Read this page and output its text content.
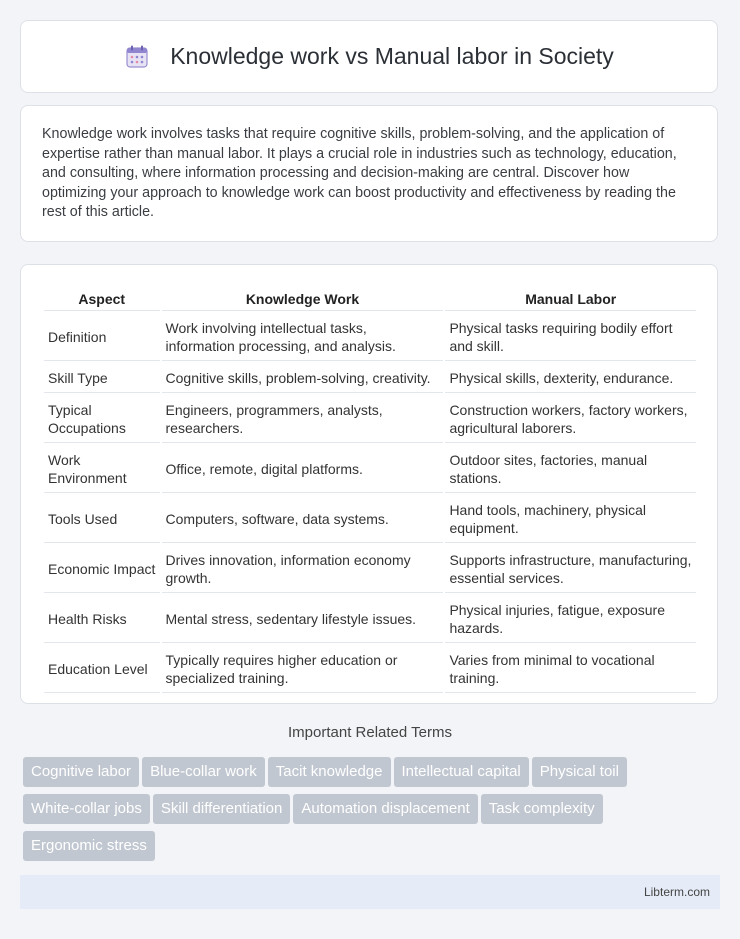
Knowledge work vs Manual labor in Society

Knowledge work involves tasks that require cognitive skills, problem-solving, and the application of expertise rather than manual labor. It plays a crucial role in industries such as technology, education, and consulting, where information processing and decision-making are central. Discover how optimizing your approach to knowledge work can boost productivity and effectiveness by reading the rest of this article.

Aspect	Knowledge Work	Manual Labor
Definition	Work involving intellectual tasks, information processing, and analysis.	Physical tasks requiring bodily effort and skill.
Skill Type	Cognitive skills, problem-solving, creativity.	Physical skills, dexterity, endurance.
Typical Occupations	Engineers, programmers, analysts, researchers.	Construction workers, factory workers, agricultural laborers.
Work Environment	Office, remote, digital platforms.	Outdoor sites, factories, manual stations.
Tools Used	Computers, software, data systems.	Hand tools, machinery, physical equipment.
Economic Impact	Drives innovation, information economy growth.	Supports infrastructure, manufacturing, essential services.
Health Risks	Mental stress, sedentary lifestyle issues.	Physical injuries, fatigue, exposure hazards.
Education Level	Typically requires higher education or specialized training.	Varies from minimal to vocational training.
Important Related Terms
Cognitive labor Blue-collar work Tacit knowledge Intellectual capital Physical toilWhite-collar jobs Skill differentiation Automation displacement Task complexityErgonomic stress
Libterm.com
